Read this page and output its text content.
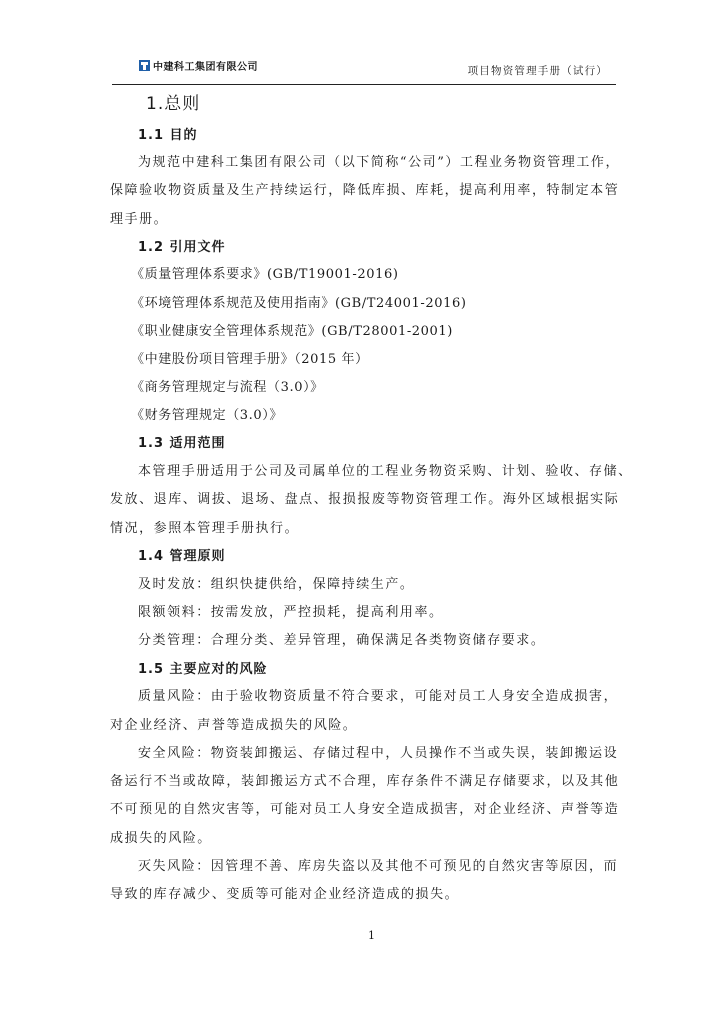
中建科工集团有限公司	项目物资管理手册（试行）
1.总则
1.1 目的
为规范中建科工集团有限公司（以下简称“公司”）工程业务物资管理工作，
保障验收物资质量及生产持续运行，降低库损、库耗，提高利用率，特制定本管
理手册。
1.2 引用文件
《质量管理体系要求》(GB/T19001-2016)
《环境管理体系规范及使用指南》(GB/T24001-2016)
《职业健康安全管理体系规范》(GB/T28001-2001)
《中建股份项目管理手册》（2015 年）
《商务管理规定与流程（3.0）》
《财务管理规定（3.0）》
1.3 适用范围
本管理手册适用于公司及司属单位的工程业务物资采购、计划、验收、存储、
发放、退库、调拔、退场、盘点、报损报废等物资管理工作。海外区域根据实际
情况，参照本管理手册执行。
1.4 管理原则
及时发放：组织快捷供给，保障持续生产。
限额领料：按需发放，严控损耗，提高利用率。
分类管理：合理分类、差异管理，确保满足各类物资储存要求。
1.5 主要应对的风险
质量风险：由于验收物资质量不符合要求，可能对员工人身安全造成损害，
对企业经济、声誉等造成损失的风险。
安全风险：物资装卸搬运、存储过程中，人员操作不当或失误，装卸搬运设
备运行不当或故障，装卸搬运方式不合理，库存条件不满足存储要求，以及其他
不可预见的自然灾害等，可能对员工人身安全造成损害，对企业经济、声誉等造
成损失的风险。
灭失风险：因管理不善、库房失盗以及其他不可预见的自然灾害等原因，而
导致的库存减少、变质等可能对企业经济造成的损失。
1
